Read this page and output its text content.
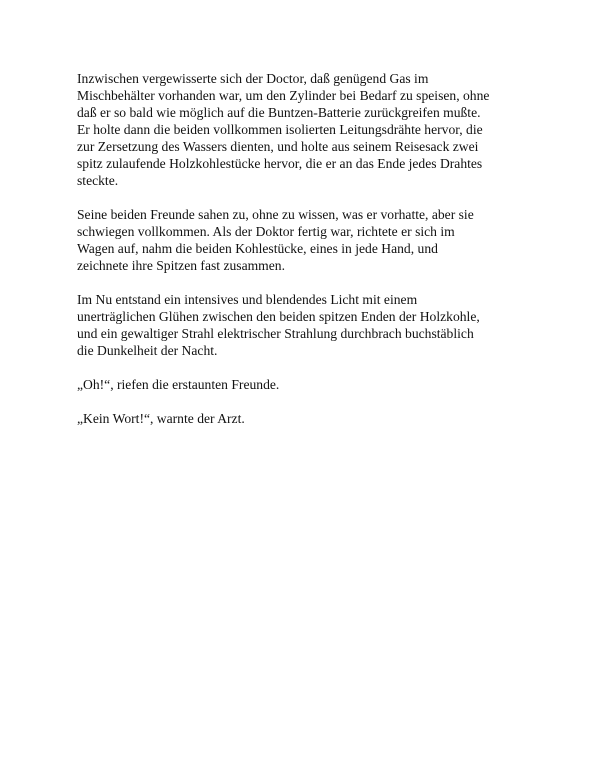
Inzwischen vergewisserte sich der Doctor, daß genügend Gas im
Mischbehälter vorhanden war, um den Zylinder bei Bedarf zu speisen, ohne
daß er so bald wie möglich auf die Buntzen-Batterie zurückgreifen mußte.
Er holte dann die beiden vollkommen isolierten Leitungsdrähte hervor, die
zur Zersetzung des Wassers dienten, und holte aus seinem Reisesack zwei
spitz zulaufende Holzkohlestücke hervor, die er an das Ende jedes Drahtes
steckte.

Seine beiden Freunde sahen zu, ohne zu wissen, was er vorhatte, aber sie
schwiegen vollkommen. Als der Doktor fertig war, richtete er sich im
Wagen auf, nahm die beiden Kohlestücke, eines in jede Hand, und
zeichnete ihre Spitzen fast zusammen.

Im Nu entstand ein intensives und blendendes Licht mit einem
unerträglichen Glühen zwischen den beiden spitzen Enden der Holzkohle,
und ein gewaltiger Strahl elektrischer Strahlung durchbrach buchstäblich
die Dunkelheit der Nacht.

„Oh!“, riefen die erstaunten Freunde.

„Kein Wort!“, warnte der Arzt.
